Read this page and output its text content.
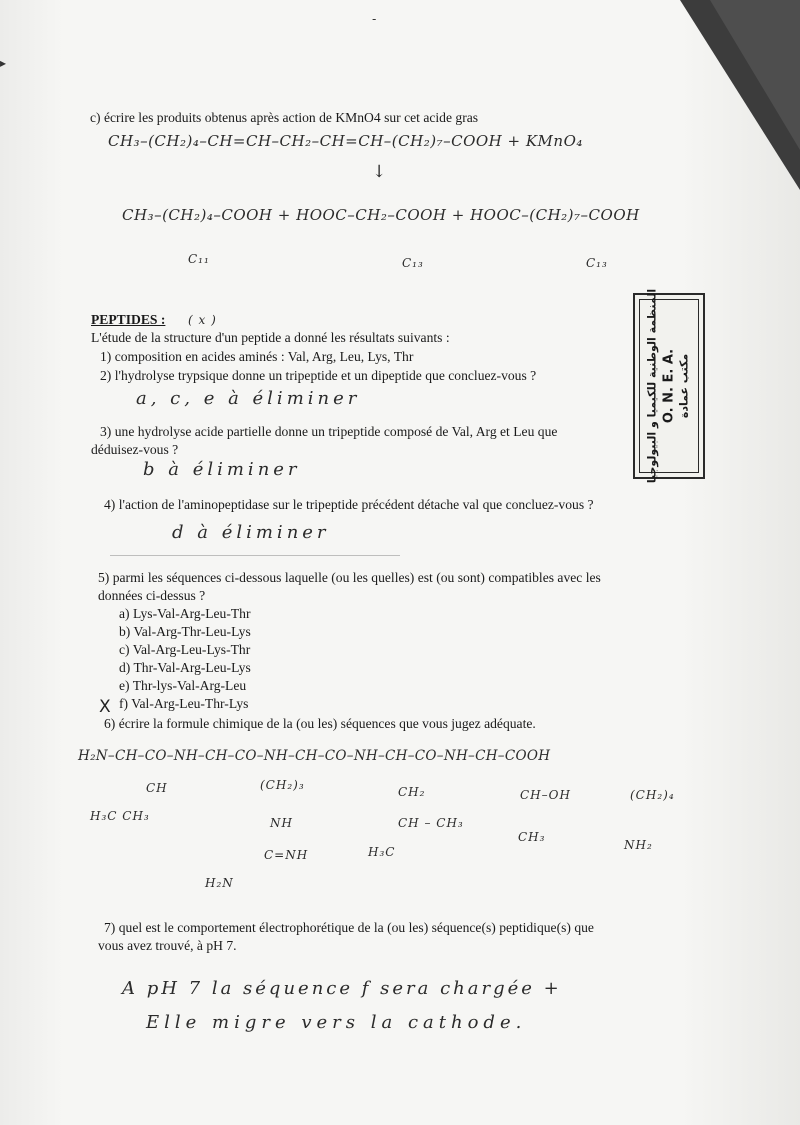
-
▸
c) écrire les produits obtenus après action de KMnO4 sur cet acide gras
CH₃–(CH₂)₄–CH=CH–CH₂–CH=CH–(CH₂)₇–COOH + KMnO₄
↓
CH₃–(CH₂)₄–COOH + HOOC–CH₂–COOH + HOOC–(CH₂)₇–COOH
C₁₁	C₁₃	C₁₃
PEPTIDES : ( x )
L'étude de la structure d'un peptide a donné les résultats suivants :
1) composition en acides aminés : Val, Arg, Leu, Lys, Thr
2) l'hydrolyse trypsique donne un tripeptide et un dipeptide que concluez-vous ?
a, c, e à éliminer
3) une hydrolyse acide partielle donne un tripeptide composé de Val, Arg et Leu que
déduisez-vous ?
b à éliminer
4) l'action de l'aminopeptidase sur le tripeptide précédent détache val que concluez-vous ?
d à éliminer
5) parmi les séquences ci-dessous laquelle (ou les quelles) est (ou sont) compatibles avec les
données ci-dessus ?
a) Lys-Val-Arg-Leu-Thr
b) Val-Arg-Thr-Leu-Lys
c) Val-Arg-Leu-Lys-Thr
d) Thr-Val-Arg-Leu-Lys
e) Thr-lys-Val-Arg-Leu
X f) Val-Arg-Leu-Thr-Lys
6) écrire la formule chimique de la (ou les) séquences que vous jugez adéquate.
H₂N–CH–CO–NH–CH–CO–NH–CH–CO–NH–CH–CO–NH–CH–COOH
CH
H₃C CH₃
(CH₂)₃
NH
C=NH
H₂N
CH₂
CH – CH₃
H₃C
CH–OH
CH₃
(CH₂)₄
NH₂
7) quel est le comportement électrophorétique de la (ou les) séquence(s) peptidique(s) que
vous avez trouvé, à pH 7.
A pH 7 la séquence f sera chargée +
Elle migre vers la cathode.
المنظمة الوطنية للكيميا و البيولوجيا O. N. E. A. مكتب عمادة
